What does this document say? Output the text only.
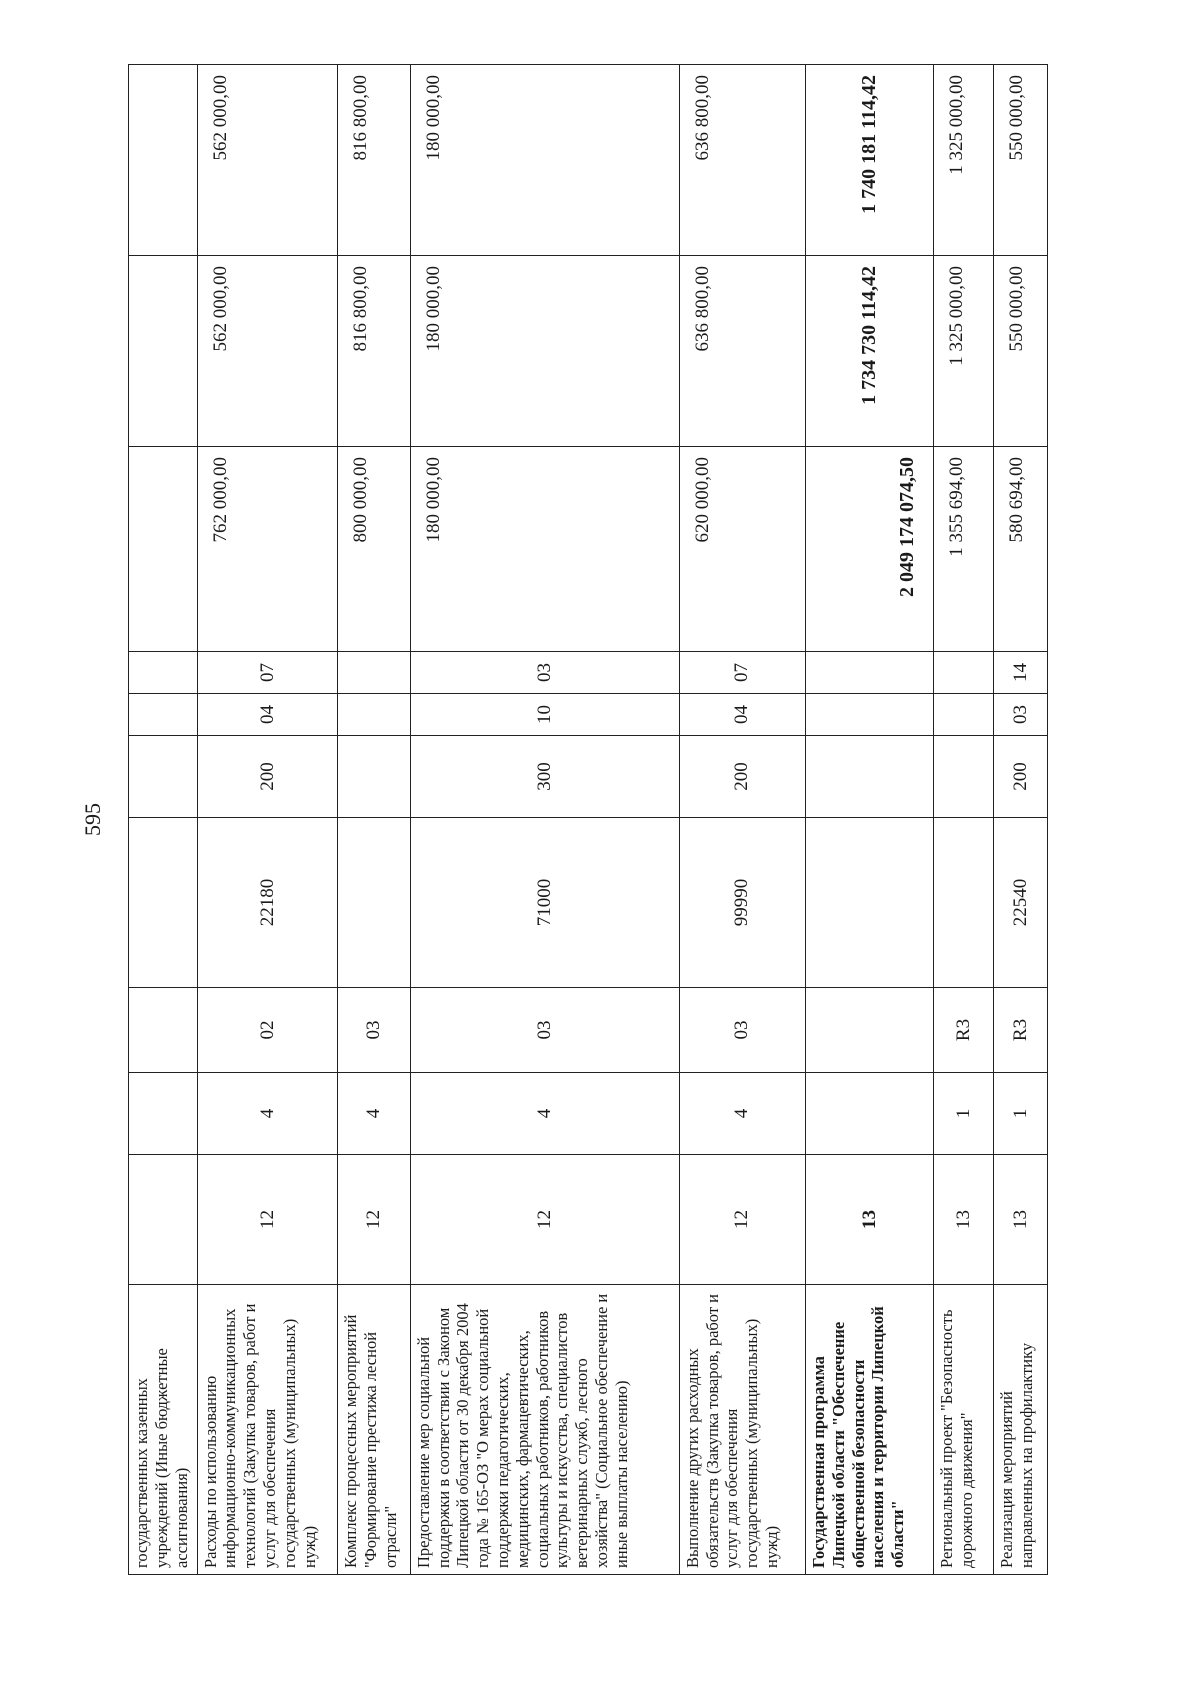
595
государственных казенных учреждений (Иные бюджетные ассигнования)										
Расходы по использованию информационно-коммуникационных технологий (Закупка товаров, работ и услуг для обеспечения государственных (муниципальных) нужд)	12	4	02	22180	200	04	07	762 000,00	562 000,00	562 000,00
Комплекс процессных мероприятий "Формирование престижа лесной отрасли"	12	4	03					800 000,00	816 800,00	816 800,00
Предоставление мер социальной поддержки в соответствии с Законом Липецкой области от 30 декабря 2004 года № 165-ОЗ "О мерах социальной поддержки педагогических, медицинских, фармацевтических, социальных работников, работников культуры и искусства, специалистов ветеринарных служб, лесного хозяйства" (Социальное обеспечение и иные выплаты населению)	12	4	03	71000	300	10	03	180 000,00	180 000,00	180 000,00
Выполнение других расходных обязательств (Закупка товаров, работ и услуг для обеспечения государственных (муниципальных) нужд)	12	4	03	99990	200	04	07	620 000,00	636 800,00	636 800,00
Государственная программа Липецкой области "Обеспечение общественной безопасности населения и территории Липецкой области"	13							2 049 174 074,50	1 734 730 114,42	1 740 181 114,42
Региональный проект "Безопасность дорожного движения"	13	1	R3					1 355 694,00	1 325 000,00	1 325 000,00
Реализация мероприятий направленных на профилактику	13	1	R3	22540	200	03	14	580 694,00	550 000,00	550 000,00
